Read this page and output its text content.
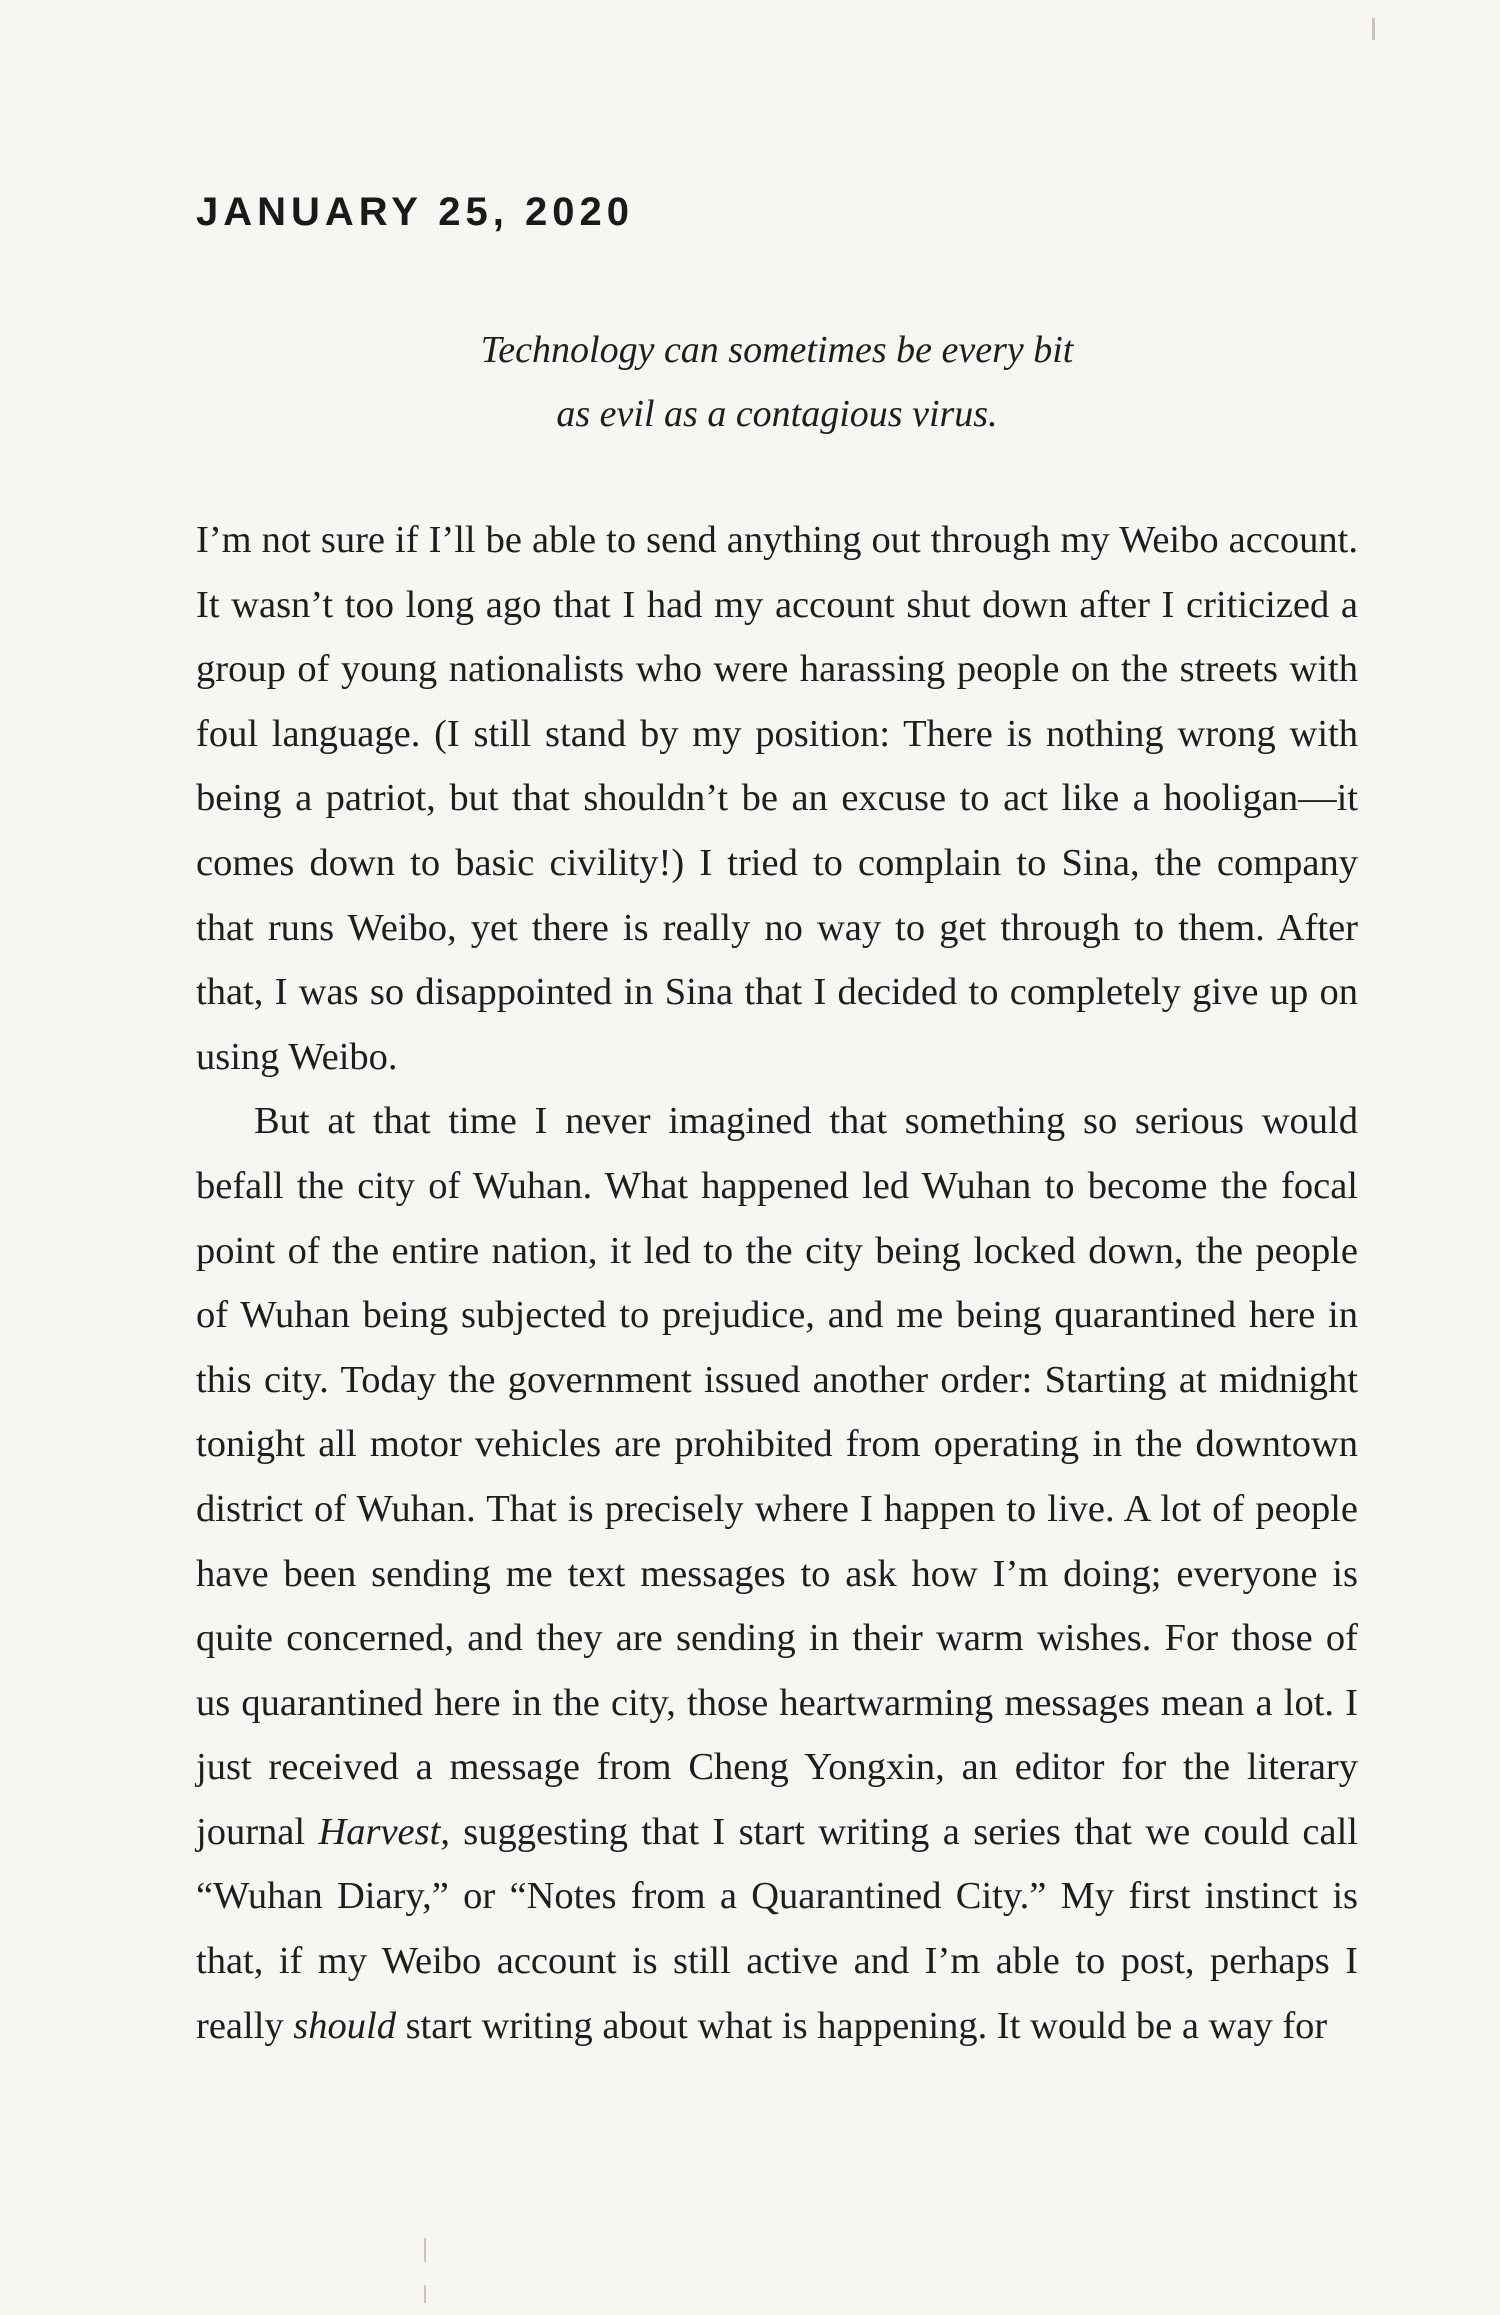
JANUARY 25, 2020
Technology can sometimes be every bit
as evil as a contagious virus.

I’m not sure if I’ll be able to send anything out through my Weibo account. It wasn’t too long ago that I had my account shut down after I criticized a group of young nationalists who were harassing people on the streets with foul language. (I still stand by my position: There is nothing wrong with being a patriot, but that shouldn’t be an excuse to act like a hooligan—it comes down to basic civility!) I tried to complain to Sina, the company that runs Weibo, yet there is really no way to get through to them. After that, I was so disappointed in Sina that I decided to completely give up on using Weibo.

But at that time I never imagined that something so serious would befall the city of Wuhan. What happened led Wuhan to become the focal point of the entire nation, it led to the city being locked down, the people of Wuhan being subjected to prejudice, and me being quarantined here in this city. Today the government issued another order: Starting at midnight tonight all motor vehicles are prohibited from operating in the downtown district of Wuhan. That is precisely where I happen to live. A lot of people have been sending me text messages to ask how I’m doing; everyone is quite concerned, and they are sending in their warm wishes. For those of us quarantined here in the city, those heartwarming messages mean a lot. I just received a message from Cheng Yongxin, an editor for the literary journal Harvest, suggesting that I start writing a series that we could call “Wuhan Diary,” or “Notes from a Quarantined City.” My first instinct is that, if my Weibo account is still active and I’m able to post, perhaps I really should start writing about what is happening. It would be a way for
